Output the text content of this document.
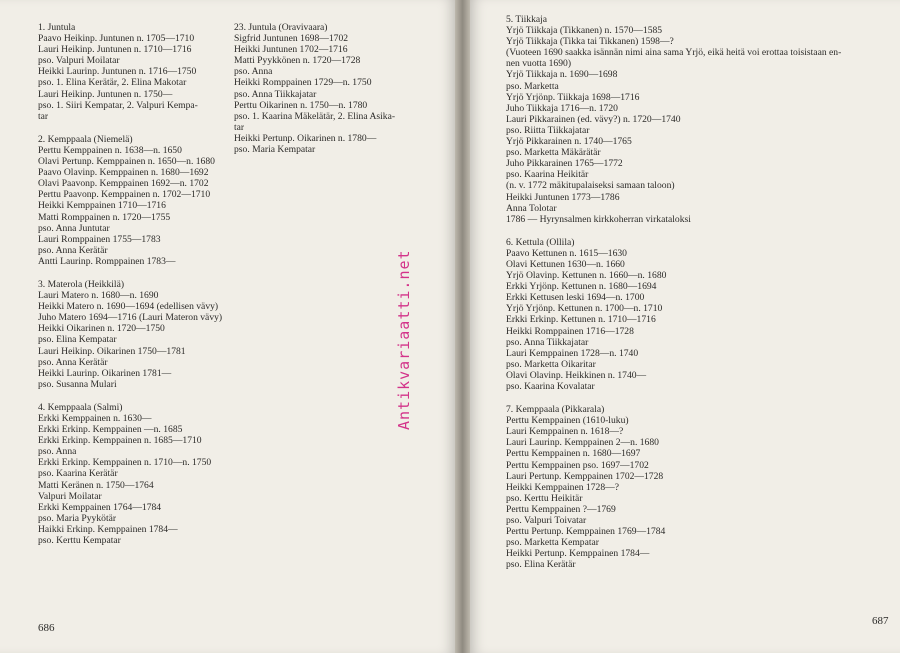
1. Juntula
Paavo Heikinp. Juntunen n. 1705—1710
Lauri Heikinp. Juntunen n. 1710—1716
pso. Valpuri Moilatar
Heikki Laurinp. Juntunen n. 1716—1750
pso. 1. Elina Kerätär, 2. Elina Makotar
Lauri Heikinp. Juntunen n. 1750—
pso. 1. Siiri Kempatar, 2. Valpuri Kempa-
tar
2. Kemppaala (Niemelä)
Perttu Kemppainen n. 1638—n. 1650
Olavi Pertunp. Kemppainen n. 1650—n. 1680
Paavo Olavinp. Kemppainen n. 1680—1692
Olavi Paavonp. Kemppainen 1692—n. 1702
Perttu Paavonp. Kemppainen n. 1702—1710
Heikki Kemppainen 1710—1716
Matti Romppainen n. 1720—1755
pso. Anna Juntutar
Lauri Romppainen 1755—1783
pso. Anna Kerätär
Antti Laurinp. Romppainen 1783—
3. Materola (Heikkilä)
Lauri Matero n. 1680—n. 1690
Heikki Matero n. 1690—1694 (edellisen vävy)
Juho Matero 1694—1716 (Lauri Materon vävy)
Heikki Oikarinen n. 1720—1750
pso. Elina Kempatar
Lauri Heikinp. Oikarinen 1750—1781
pso. Anna Kerätär
Heikki Laurinp. Oikarinen 1781—
pso. Susanna Mulari
4. Kemppaala (Salmi)
Erkki Kemppainen n. 1630—
Erkki Erkinp. Kemppainen —n. 1685
Erkki Erkinp. Kemppainen n. 1685—1710
pso. Anna
Erkki Erkinp. Kemppainen n. 1710—n. 1750
pso. Kaarina Kerätär
Matti Keränen n. 1750—1764
Valpuri Moilatar
Erkki Kemppainen 1764—1784
pso. Maria Pyykötär
Haikki Erkinp. Kemppainen 1784—
pso. Kerttu Kempatar
23. Juntula (Oravivaara)
Sigfrid Juntunen 1698—1702
Heikki Juntunen 1702—1716
Matti Pyykkönen n. 1720—1728
pso. Anna
Heikki Romppainen 1729—n. 1750
pso. Anna Tiikkajatar
Perttu Oikarinen n. 1750—n. 1780
pso. 1. Kaarina Mäkelätär, 2. Elina Asika-
tar
Heikki Pertunp. Oikarinen n. 1780—
pso. Maria Kempatar
686
687
5. Tiikkaja
Yrjö Tiikkaja (Tikkanen) n. 1570—1585
Yrjö Tiikkaja (Tikka tai Tikkanen) 1598—?
(Vuoteen 1690 saakka isännän nimi aina sama Yrjö, eikä heitä voi erottaa toisistaan en-
nen vuotta 1690)
Yrjö Tiikkaja n. 1690—1698
pso. Marketta
Yrjö Yrjönp. Tiikkaja 1698—1716
Juho Tiikkaja 1716—n. 1720
Lauri Pikkarainen (ed. vävy?) n. 1720—1740
pso. Riitta Tiikkajatar
Yrjö Pikkarainen n. 1740—1765
pso. Marketta Mäkärätär
Juho Pikkarainen 1765—1772
pso. Kaarina Heikitär
(n. v. 1772 mäkitupalaiseksi samaan taloon)
Heikki Juntunen 1773—1786
Anna Tolotar
1786 — Hyrynsalmen kirkkoherran virkataloksi
6. Kettula (Ollila)
Paavo Kettunen n. 1615—1630
Olavi Kettunen 1630—n. 1660
Yrjö Olavinp. Kettunen n. 1660—n. 1680
Erkki Yrjönp. Kettunen n. 1680—1694
Erkki Kettusen leski 1694—n. 1700
Yrjö Yrjönp. Kettunen n. 1700—n. 1710
Erkki Erkinp. Kettunen n. 1710—1716
Heikki Romppainen 1716—1728
pso. Anna Tiikkajatar
Lauri Kemppainen 1728—n. 1740
pso. Marketta Oikaritar
Olavi Olavinp. Heikkinen n. 1740—
pso. Kaarina Kovalatar
7. Kemppaala (Pikkarala)
Perttu Kemppainen (1610-luku)
Lauri Kemppainen n. 1618—?
Lauri Laurinp. Kemppainen 2—n. 1680
Perttu Kemppainen n. 1680—1697
Perttu Kemppainen pso. 1697—1702
Lauri Pertunp. Kemppainen 1702—1728
Heikki Kemppainen 1728—?
pso. Kerttu Heikitär
Perttu Kemppainen ?—1769
pso. Valpuri Toivatar
Perttu Pertunp. Kemppainen 1769—1784
pso. Marketta Kempatar
Heikki Pertunp. Kemppainen 1784—
pso. Elina Kerätär
Antikvariaatti.net
